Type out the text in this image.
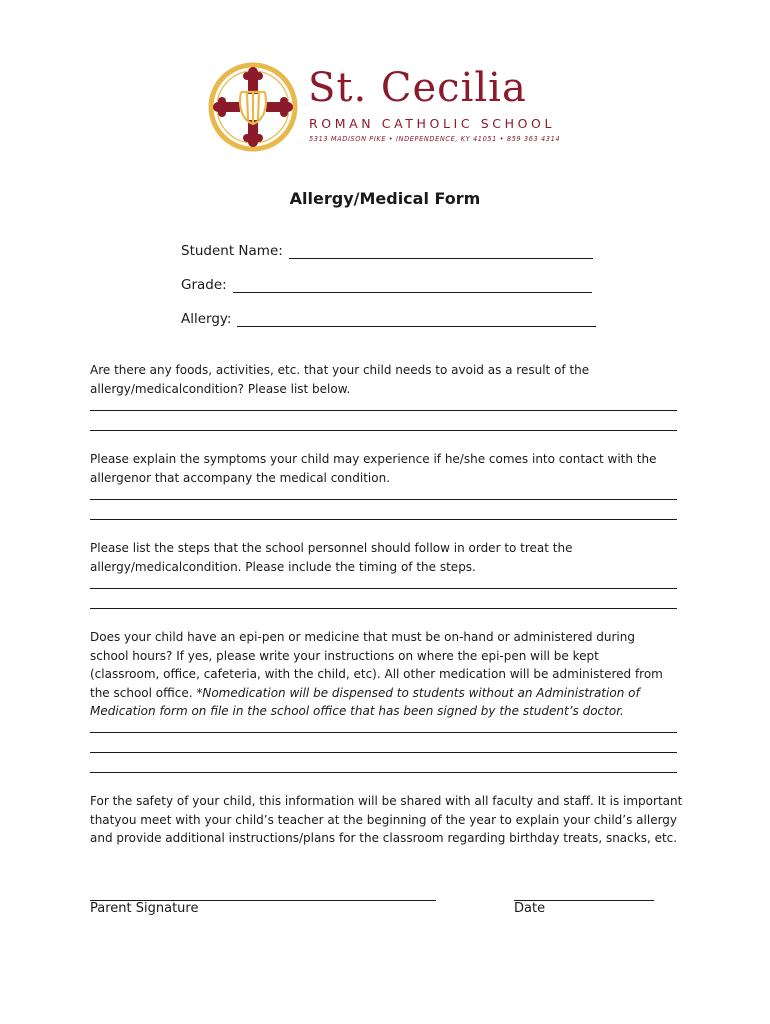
St. Cecilia
ROMAN CATHOLIC SCHOOL
5313 MADISON PIKE • INDEPENDENCE, KY 41051 • 859 363 4314
Allergy/Medical Form
Student Name:
Grade:
Allergy:
Are there any foods, activities, etc. that your child needs to avoid as a result of the allergy/medicalcondition? Please list below.
Please explain the symptoms your child may experience if he/she comes into contact with the allergenor that accompany the medical condition.
Please list the steps that the school personnel should follow in order to treat the allergy/medicalcondition. Please include the timing of the steps.
Does your child have an epi-pen or medicine that must be on-hand or administered during school hours? If yes, please write your instructions on where the epi-pen will be kept (classroom, office, cafeteria, with the child, etc). All other medication will be administered from the school office. *Nomedication will be dispensed to students without an Administration of Medication form on file in the school office that has been signed by the student’s doctor.
For the safety of your child, this information will be shared with all faculty and staff. It is important thatyou meet with your child’s teacher at the beginning of the year to explain your child’s allergy and provide additional instructions/plans for the classroom regarding birthday treats, snacks, etc.
Parent Signature	Date
